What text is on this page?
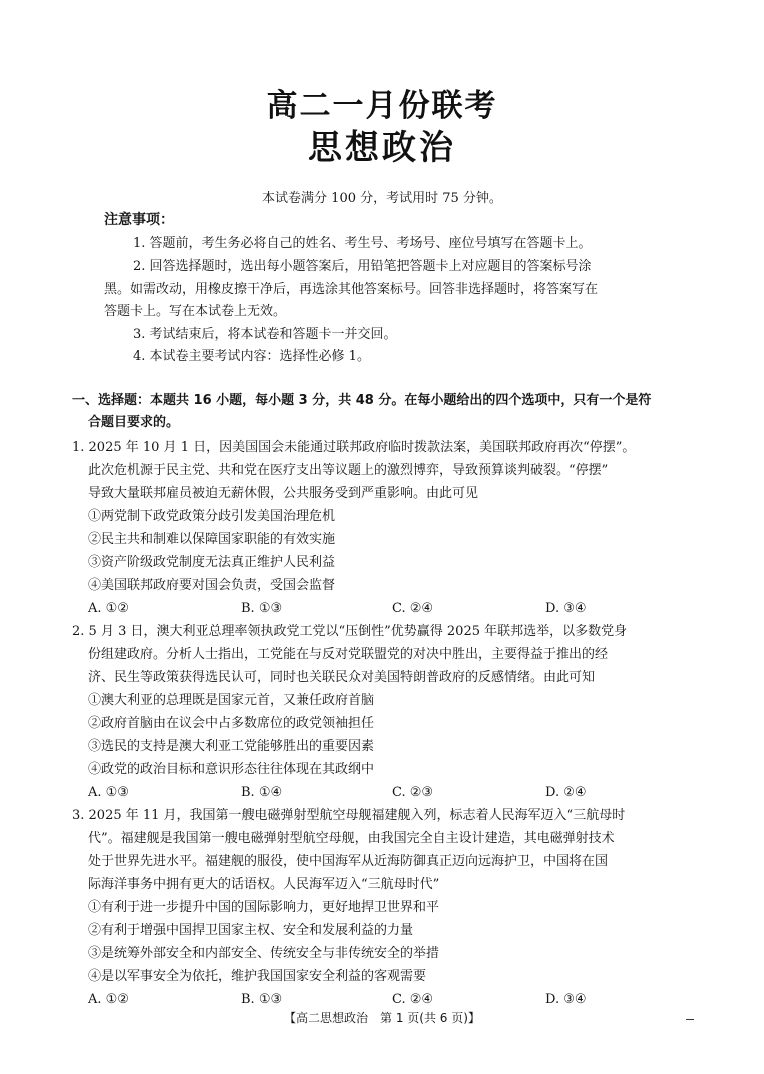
高二一月份联考
思想政治
本试卷满分 100 分，考试用时 75 分钟。
注意事项：
1. 答题前，考生务必将自己的姓名、考生号、考场号、座位号填写在答题卡上。
2. 回答选择题时，选出每小题答案后，用铅笔把答题卡上对应题目的答案标号涂
黑。如需改动，用橡皮擦干净后，再选涂其他答案标号。回答非选择题时，将答案写在
答题卡上。写在本试卷上无效。
3. 考试结束后，将本试卷和答题卡一并交回。
4. 本试卷主要考试内容：选择性必修 1。
一、选择题：本题共 16 小题，每小题 3 分，共 48 分。在每小题给出的四个选项中，只有一个是符
合题目要求的。
1. 2025 年 10 月 1 日，因美国国会未能通过联邦政府临时拨款法案，美国联邦政府再次“停摆”。
此次危机源于民主党、共和党在医疗支出等议题上的激烈博弈，导致预算谈判破裂。“停摆”
导致大量联邦雇员被迫无薪休假，公共服务受到严重影响。由此可见
①两党制下政党政策分歧引发美国治理危机
②民主共和制难以保障国家职能的有效实施
③资产阶级政党制度无法真正维护人民利益
④美国联邦政府要对国会负责，受国会监督
A. ①②	B. ①③	C. ②④	D. ③④
2. 5 月 3 日，澳大利亚总理率领执政党工党以“压倒性”优势赢得 2025 年联邦选举，以多数党身
份组建政府。分析人士指出，工党能在与反对党联盟党的对决中胜出，主要得益于推出的经
济、民生等政策获得选民认可，同时也关联民众对美国特朗普政府的反感情绪。由此可知
①澳大利亚的总理既是国家元首，又兼任政府首脑
②政府首脑由在议会中占多数席位的政党领袖担任
③选民的支持是澳大利亚工党能够胜出的重要因素
④政党的政治目标和意识形态往往体现在其政纲中
A. ①③	B. ①④	C. ②③	D. ②④
3. 2025 年 11 月，我国第一艘电磁弹射型航空母舰福建舰入列，标志着人民海军迈入“三航母时
代”。福建舰是我国第一艘电磁弹射型航空母舰，由我国完全自主设计建造，其电磁弹射技术
处于世界先进水平。福建舰的服役，使中国海军从近海防御真正迈向远海护卫，中国将在国
际海洋事务中拥有更大的话语权。人民海军迈入“三航母时代”
①有利于进一步提升中国的国际影响力，更好地捍卫世界和平
②有利于增强中国捍卫国家主权、安全和发展利益的力量
③是统筹外部安全和内部安全、传统安全与非传统安全的举措
④是以军事安全为依托，维护我国国家安全利益的客观需要
A. ①②	B. ①③	C. ②④	D. ③④
【高二思想政治　第 1 页(共 6 页)】
